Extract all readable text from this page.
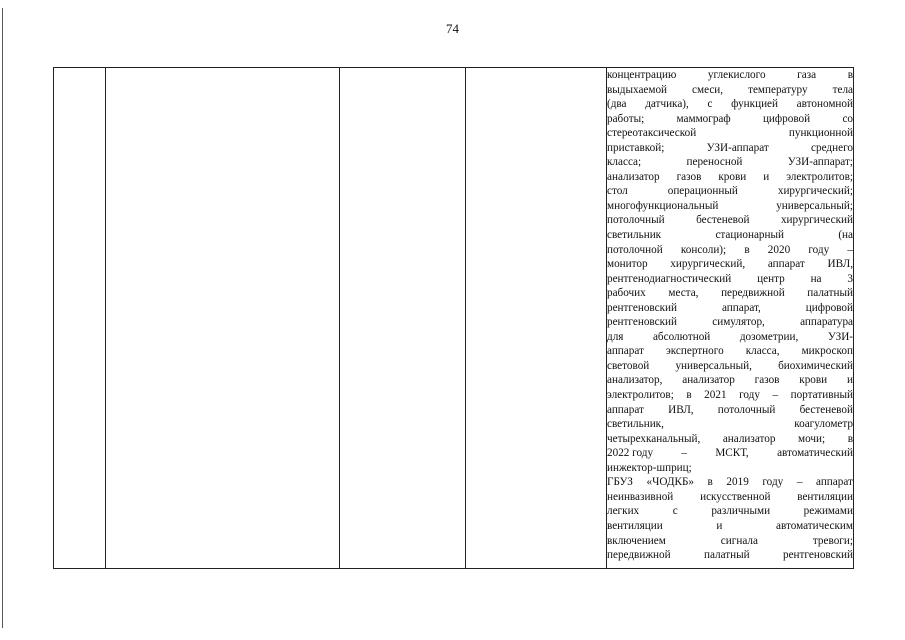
74

концентрацию	углекислого	газа	в
выдыхаемой смеси, температуру тела
(два датчика), с функцией автономной
работы;	маммограф	цифровой	со
стереотаксической	пункционной
приставкой;	УЗИ-аппарат	среднего
класса;	переносной	УЗИ-аппарат;
анализатор газов крови и электролитов;
стол	операционный	хирургический;
многофункциональный	универсальный;
потолочный	бестеневой	хирургический
светильник	стационарный	(на
потолочной консоли); в 2020 году –
монитор хирургический, аппарат ИВЛ,
рентгенодиагностический центр на 3
рабочих места, передвижной палатный
рентгеновский	аппарат,	цифровой
рентгеновский	симулятор,	аппаратура
для	абсолютной	дозометрии,	УЗИ-
аппарат экспертного класса, микроскоп
световой универсальный, биохимический
анализатор, анализатор газов крови и
электролитов; в 2021 году – портативный
аппарат ИВЛ, потолочный бестеневой
светильник,	коагулометр
четырехканальный, анализатор мочи; в
2022 году	–	МСКТ,	автоматический
инжектор-шприц;
ГБУЗ «ЧОДКБ» в 2019 году – аппарат
неинвазивной искусственной вентиляции
легких	с	различными	режимами
вентиляции	и	автоматическим
включением	сигнала	тревоги;
передвижной	палатный	рентгеновский
